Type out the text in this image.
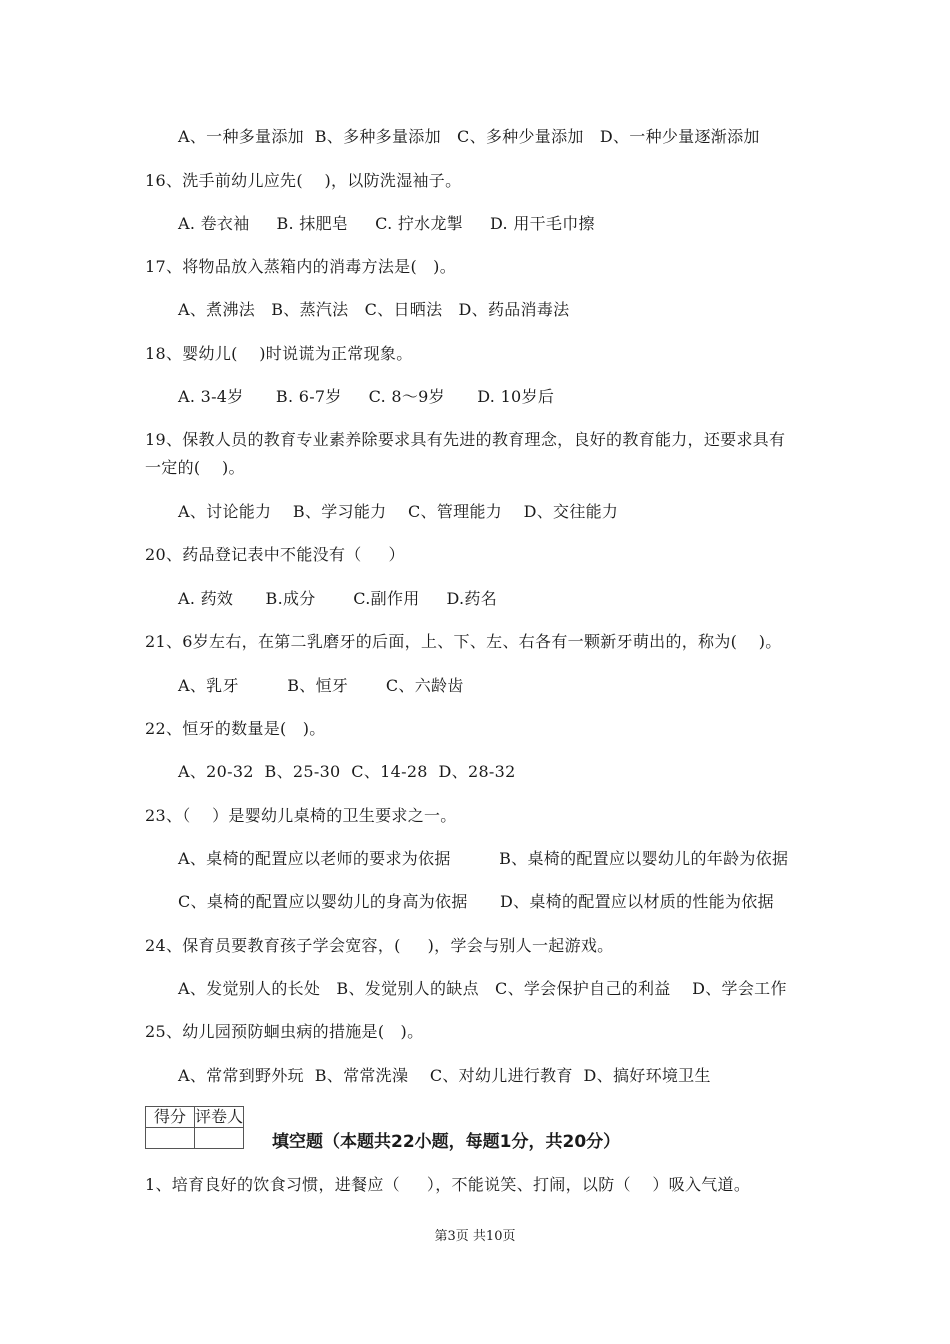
A、一种多量添加  B、多种多量添加   C、多种少量添加   D、一种少量逐渐添加
16、洗手前幼儿应先(    )，以防洗湿袖子。
A. 卷衣袖     B. 抹肥皂     C. 拧水龙掣     D. 用干毛巾擦
17、将物品放入蒸箱内的消毒方法是(   )。
A、煮沸法   B、蒸汽法   C、日晒法   D、药品消毒法
18、婴幼儿(    )时说谎为正常现象。
A. 3-4岁      B. 6-7岁     C. 8～9岁      D. 10岁后
19、保教人员的教育专业素养除要求具有先进的教育理念，良好的教育能力，还要求具有
一定的(    )。
A、讨论能力    B、学习能力    C、管理能力    D、交往能力
20、药品登记表中不能没有（     ）
A. 药效      B.成分       C.副作用     D.药名
21、6岁左右，在第二乳磨牙的后面，上、下、左、右各有一颗新牙萌出的，称为(    )。
A、乳牙         B、恒牙       C、六龄齿
22、恒牙的数量是(   )。
A、20-32  B、25-30  C、14-28  D、28-32
23、（    ）是婴幼儿桌椅的卫生要求之一。
A、桌椅的配置应以老师的要求为依据         B、桌椅的配置应以婴幼儿的年龄为依据
C、桌椅的配置应以婴幼儿的身高为依据      D、桌椅的配置应以材质的性能为依据
24、保育员要教育孩子学会宽容，(     )，学会与别人一起游戏。
A、发觉别人的长处   B、发觉别人的缺点   C、学会保护自己的利益    D、学会工作
25、幼儿园预防蛔虫病的措施是(   )。
A、常常到野外玩  B、常常洗澡    C、对幼儿进行教育  D、搞好环境卫生
得分	评卷人

填空题（本题共22小题，每题1分，共20分）
1、培育良好的饮食习惯，进餐应（     ），不能说笑、打闹，以防（    ）吸入气道。
第3页 共10页
